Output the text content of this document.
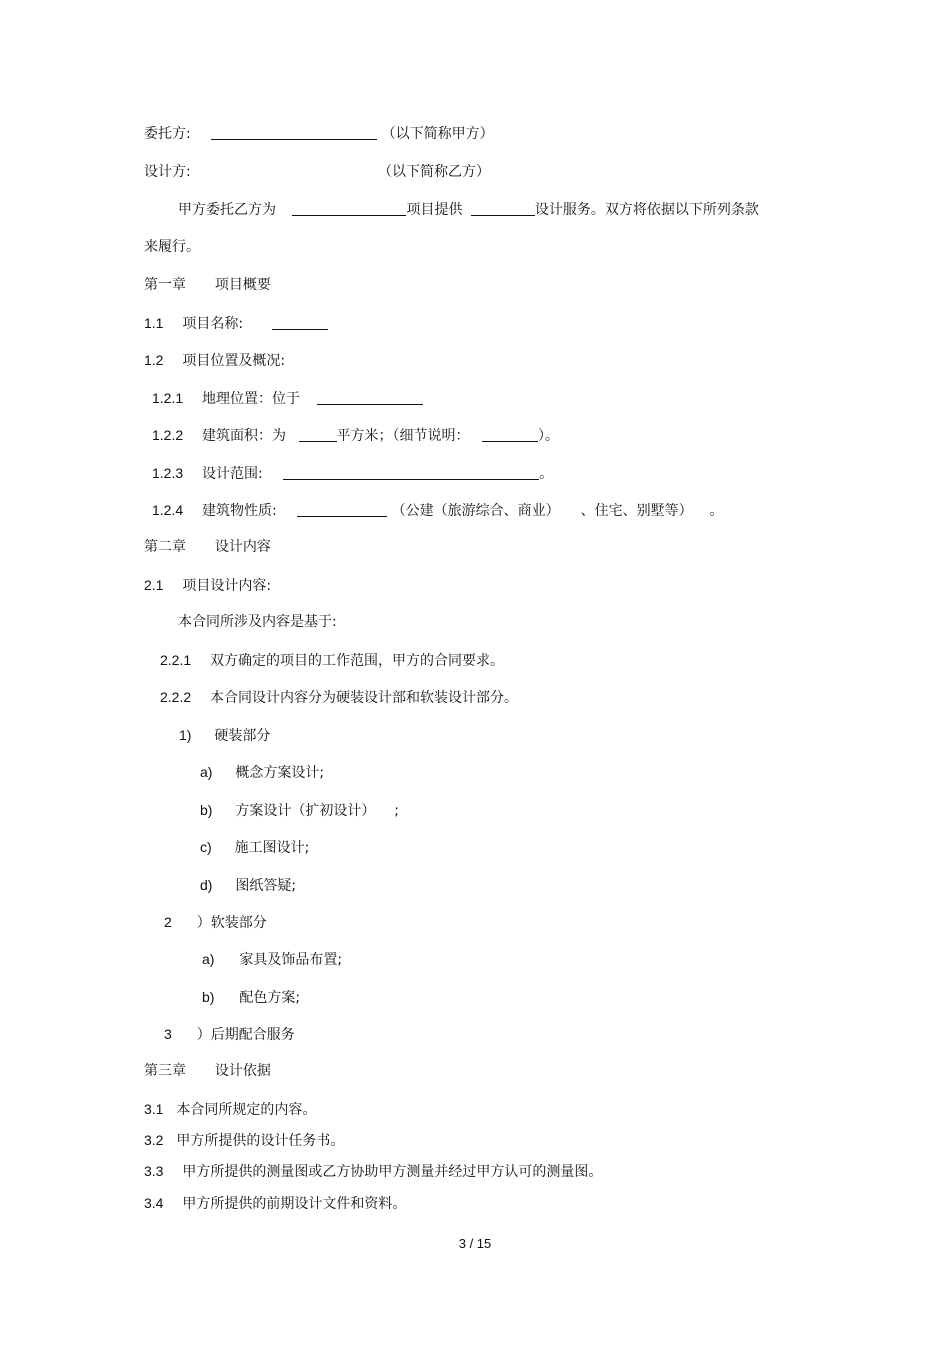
委托方:	（以下简称甲方）
设计方:	（以下简称乙方）
甲方委托乙方为	项目提供	设计服务。双方将依据以下所列条款
来履行。
第一章 项目概要
1.1 项目名称:
1.2 项目位置及概况:
1.2.1 地理位置：位于
1.2.2 建筑面积：为	平方米；（细节说明：	）。
1.2.3 设计范围:	。
1.2.4 建筑物性质:	（公建（旅游综合、商业） 、住宅、别墅等） 。
第二章 设计内容
2.1 项目设计内容:
本合同所涉及内容是基于:
2.2.1 双方确定的项目的工作范围，甲方的合同要求。
2.2.2 本合同设计内容分为硬装设计部和软装设计部分。
1) 硬装部分
a) 概念方案设计;
b) 方案设计（扩初设计） ;
c) 施工图设计;
d) 图纸答疑;
2 ）软装部分
a) 家具及饰品布置;
b) 配色方案;
3 ）后期配合服务
第三章 设计依据
3.1 本合同所规定的内容。
3.2 甲方所提供的设计任务书。
3.3 甲方所提供的测量图或乙方协助甲方测量并经过甲方认可的测量图。
3.4 甲方所提供的前期设计文件和资料。
3 / 15
